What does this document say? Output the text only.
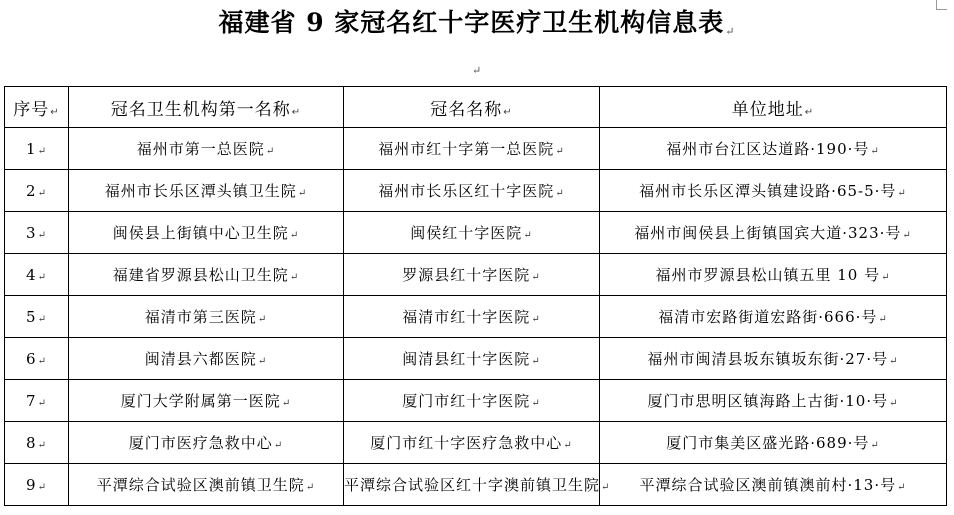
福建省 9 家冠名红十字医疗卫生机构信息表↵
↵
序号↵	冠名卫生机构第一名称↵	冠名名称↵	单位地址↵
1↵	福州市第一总医院↵	福州市红十字第一总医院↵	福州市台江区达道路·190·号↵
2↵	福州市长乐区潭头镇卫生院↵	福州市长乐区红十字医院↵	福州市长乐区潭头镇建设路·65-5·号↵
3↵	闽侯县上街镇中心卫生院↵	闽侯红十字医院↵	福州市闽侯县上街镇国宾大道·323·号↵
4↵	福建省罗源县松山卫生院↵	罗源县红十字医院↵	福州市罗源县松山镇五里 10 号↵
5↵	福清市第三医院↵	福清市红十字医院↵	福清市宏路街道宏路街·666·号↵
6↵	闽清县六都医院↵	闽清县红十字医院↵	福州市闽清县坂东镇坂东街·27·号↵
7↵	厦门大学附属第一医院↵	厦门市红十字医院↵	厦门市思明区镇海路上古街·10·号↵
8↵	厦门市医疗急救中心↵	厦门市红十字医疗急救中心↵	厦门市集美区盛光路·689·号↵
9↵	平潭综合试验区澳前镇卫生院↵	平潭综合试验区红十字澳前镇卫生院↵	平潭综合试验区澳前镇澳前村·13·号↵
